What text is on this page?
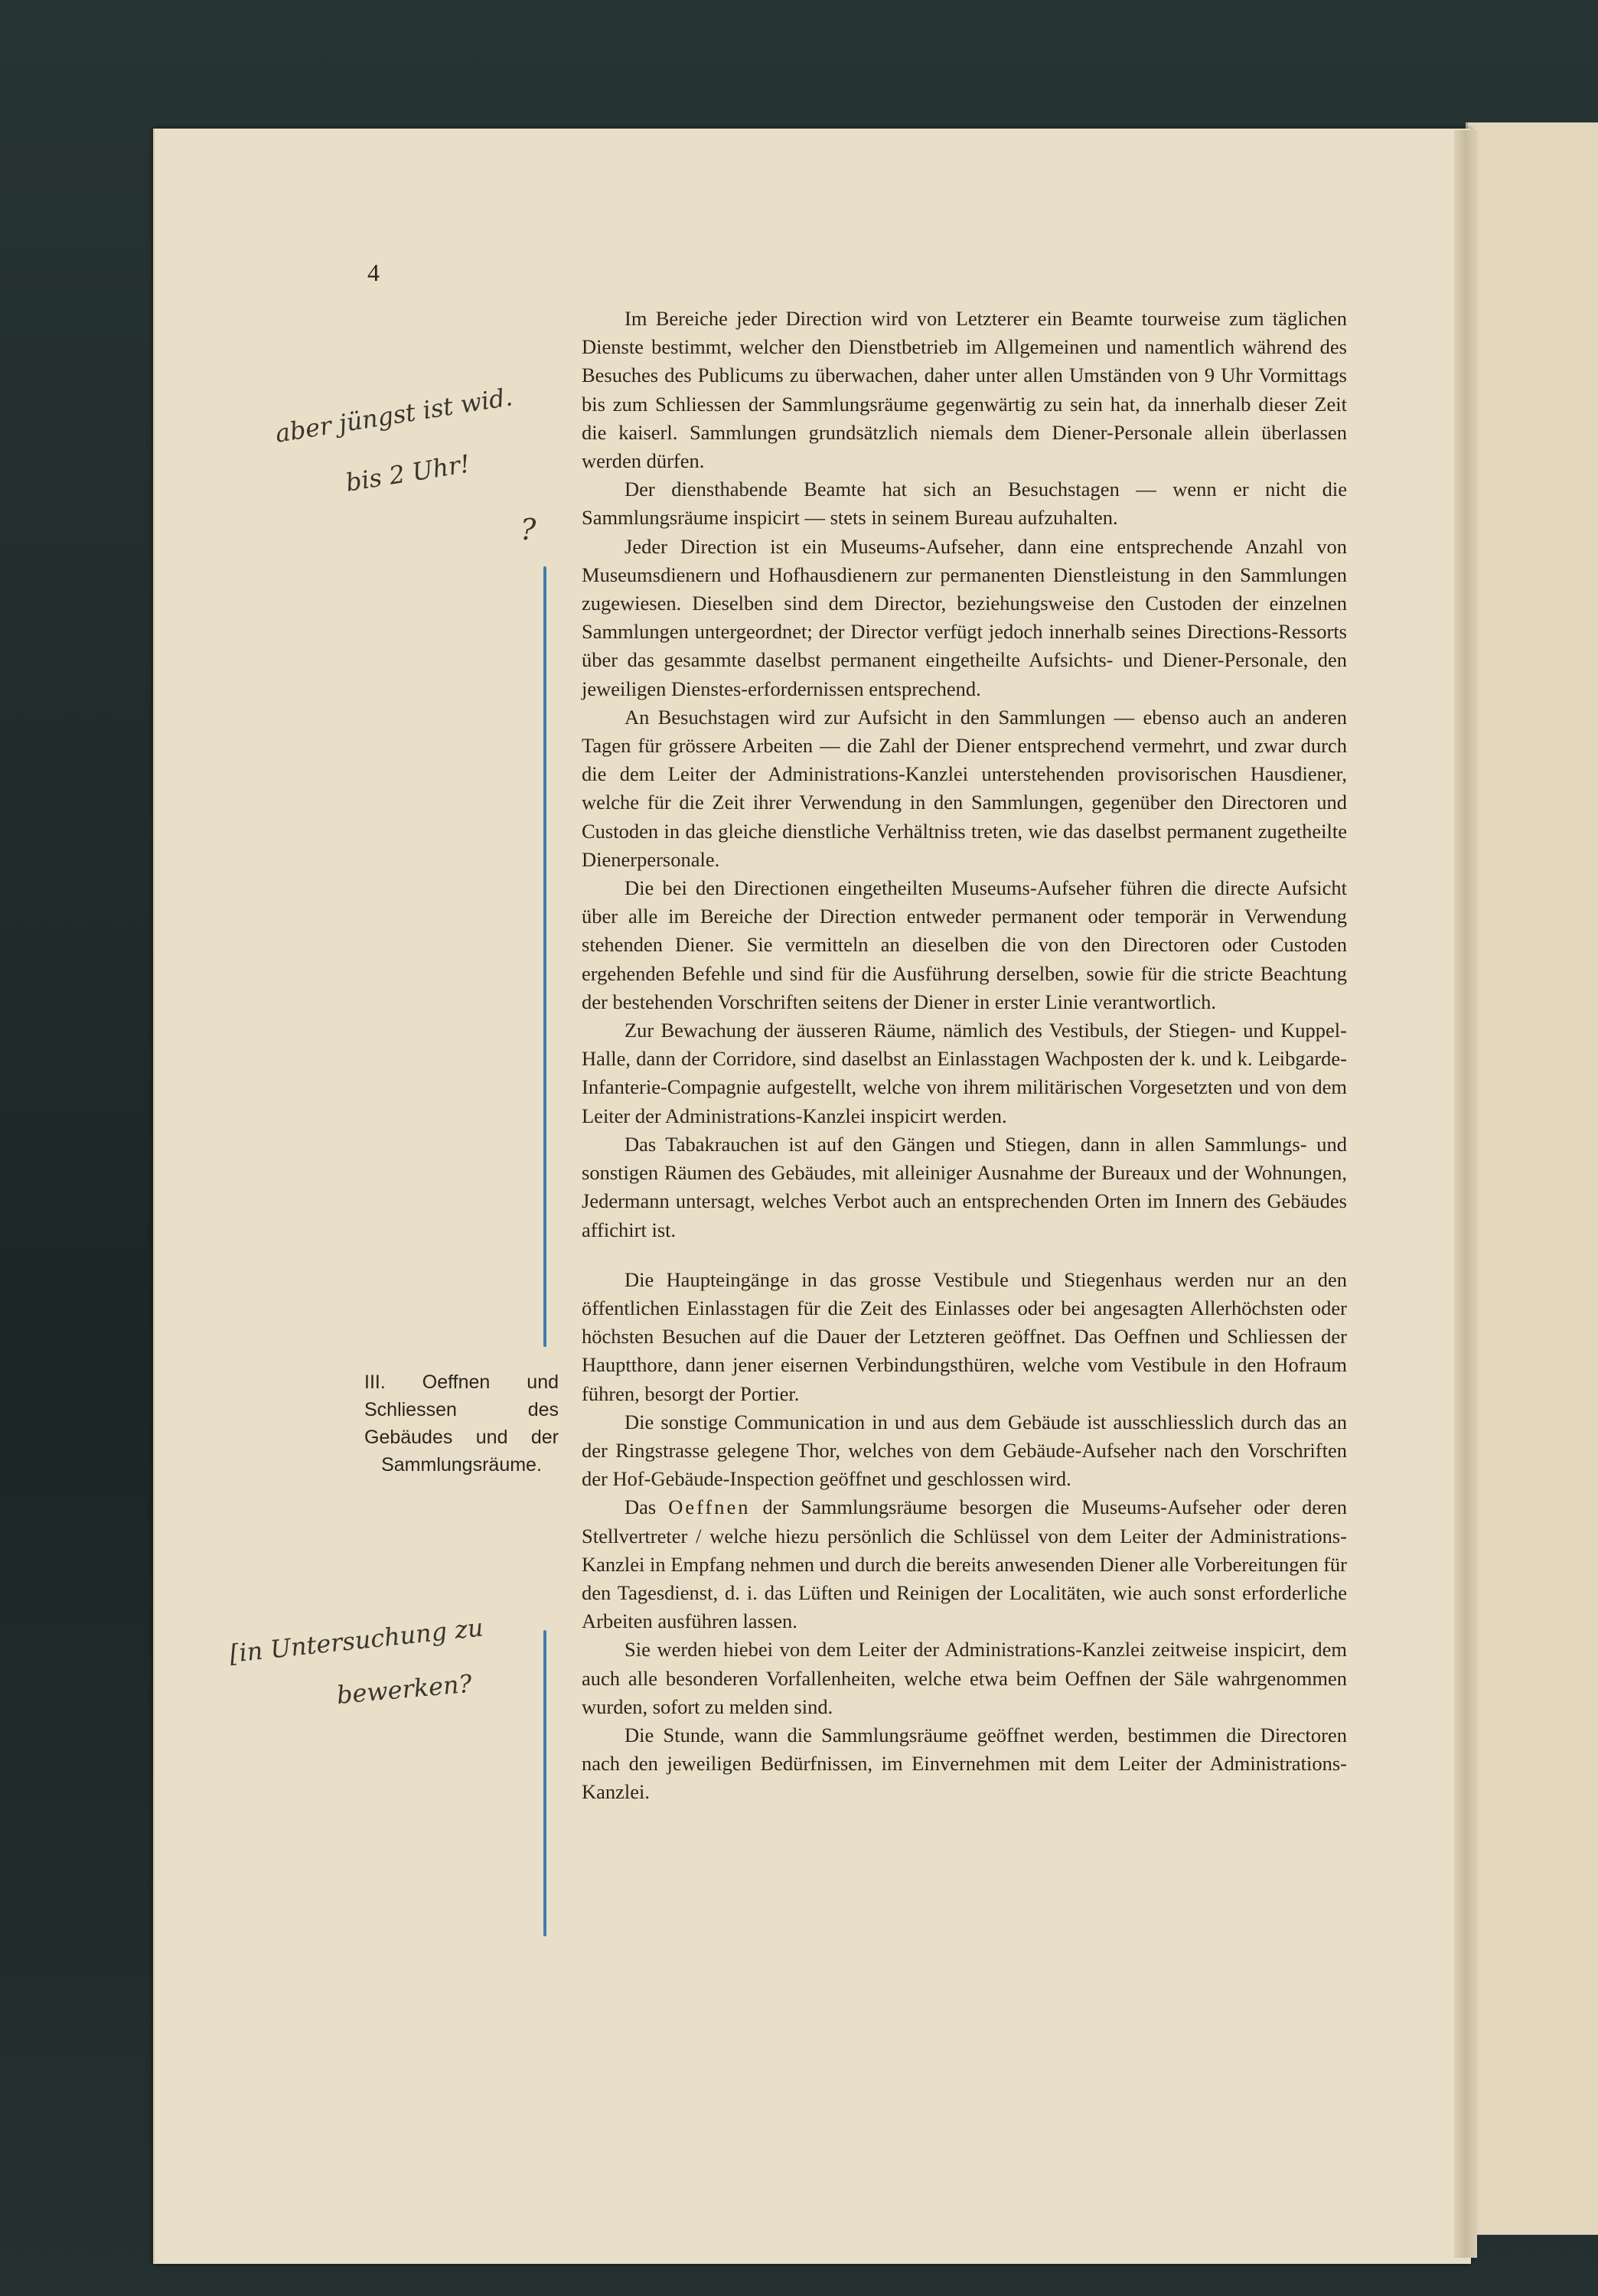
4
aber jüngst ist wid.
bis 2 Uhr!
?
[in Untersuchung zu
bewerken?
III. Oeffnen und Schliessen des Gebäudes und der Sammlungsräume.

Im Bereiche jeder Direction wird von Letzterer ein Beamte tourweise zum täglichen Dienste bestimmt, welcher den Dienstbetrieb im Allgemeinen und namentlich während des Besuches des Publicums zu überwachen, daher unter allen Umständen von 9 Uhr Vormittags bis zum Schliessen der Sammlungsräume gegenwärtig zu sein hat, da innerhalb dieser Zeit die kaiserl. Sammlungen grundsätzlich niemals dem Diener-Personale allein überlassen werden dürfen.

Der diensthabende Beamte hat sich an Besuchstagen — wenn er nicht die Sammlungsräume inspicirt — stets in seinem Bureau aufzuhalten.

Jeder Direction ist ein Museums-Aufseher, dann eine entsprechende Anzahl von Museumsdienern und Hofhausdienern zur permanenten Dienstleistung in den Sammlungen zugewiesen. Dieselben sind dem Director, beziehungsweise den Custoden der einzelnen Sammlungen untergeordnet; der Director verfügt jedoch innerhalb seines Directions-Ressorts über das gesammte daselbst permanent eingetheilte Aufsichts- und Diener-Personale, den jeweiligen Dienstes-erfordernissen entsprechend.

An Besuchstagen wird zur Aufsicht in den Sammlungen — ebenso auch an anderen Tagen für grössere Arbeiten — die Zahl der Diener entsprechend vermehrt, und zwar durch die dem Leiter der Administrations-Kanzlei unterstehenden provisorischen Hausdiener, welche für die Zeit ihrer Verwendung in den Sammlungen, gegenüber den Directoren und Custoden in das gleiche dienstliche Verhältniss treten, wie das daselbst permanent zugetheilte Dienerpersonale.

Die bei den Directionen eingetheilten Museums-Aufseher führen die directe Aufsicht über alle im Bereiche der Direction entweder permanent oder temporär in Verwendung stehenden Diener. Sie vermitteln an dieselben die von den Directoren oder Custoden ergehenden Befehle und sind für die Ausführung derselben, sowie für die stricte Beachtung der bestehenden Vorschriften seitens der Diener in erster Linie verantwortlich.

Zur Bewachung der äusseren Räume, nämlich des Vestibuls, der Stiegen- und Kuppel-Halle, dann der Corridore, sind daselbst an Einlasstagen Wachposten der k. und k. Leibgarde-Infanterie-Compagnie aufgestellt, welche von ihrem militärischen Vorgesetzten und von dem Leiter der Administrations-Kanzlei inspicirt werden.

Das Tabakrauchen ist auf den Gängen und Stiegen, dann in allen Sammlungs- und sonstigen Räumen des Gebäudes, mit alleiniger Ausnahme der Bureaux und der Wohnungen, Jedermann untersagt, welches Verbot auch an entsprechenden Orten im Innern des Gebäudes affichirt ist.

Die Haupteingänge in das grosse Vestibule und Stiegenhaus werden nur an den öffentlichen Einlasstagen für die Zeit des Einlasses oder bei angesagten Allerhöchsten oder höchsten Besuchen auf die Dauer der Letzteren geöffnet. Das Oeffnen und Schliessen der Hauptthore, dann jener eisernen Verbindungsthüren, welche vom Vestibule in den Hofraum führen, besorgt der Portier.

Die sonstige Communication in und aus dem Gebäude ist ausschliesslich durch das an der Ringstrasse gelegene Thor, welches von dem Gebäude-Aufseher nach den Vorschriften der Hof-Gebäude-Inspection geöffnet und geschlossen wird.

Das Oeffnen der Sammlungsräume besorgen die Museums-Aufseher oder deren Stellvertreter / welche hiezu persönlich die Schlüssel von dem Leiter der Administrations-Kanzlei in Empfang nehmen und durch die bereits anwesenden Diener alle Vorbereitungen für den Tagesdienst, d. i. das Lüften und Reinigen der Localitäten, wie auch sonst erforderliche Arbeiten ausführen lassen.

Sie werden hiebei von dem Leiter der Administrations-Kanzlei zeitweise inspicirt, dem auch alle besonderen Vorfallenheiten, welche etwa beim Oeffnen der Säle wahrgenommen wurden, sofort zu melden sind.

Die Stunde, wann die Sammlungsräume geöffnet werden, bestimmen die Directoren nach den jeweiligen Bedürfnissen, im Einvernehmen mit dem Leiter der Administrations-Kanzlei.
